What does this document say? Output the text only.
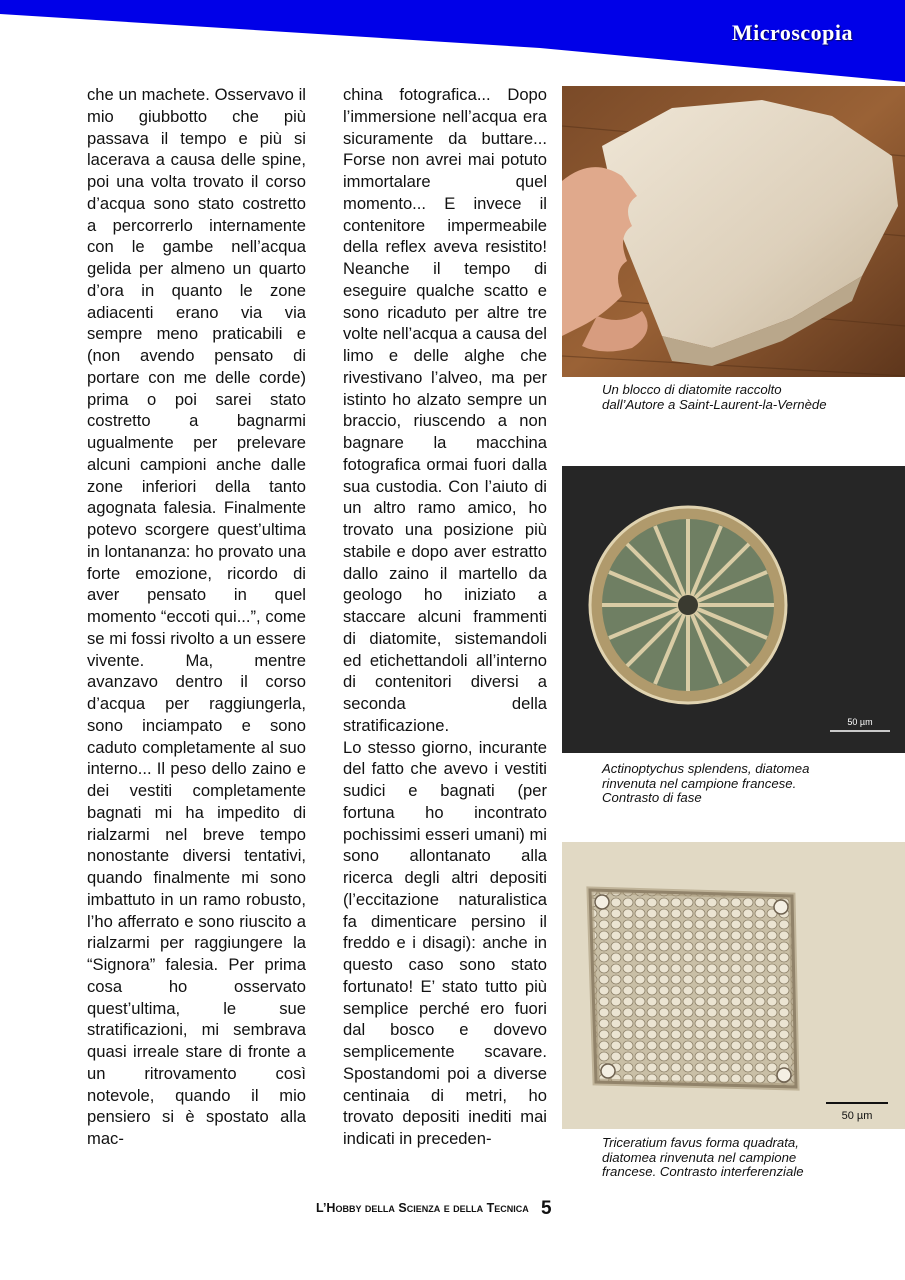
Microscopia

che un machete. Osservavo il mio giubbotto che più passava il tempo e più si lacerava a causa delle spine, poi una volta trovato il corso d’acqua sono stato costretto a percorrerlo internamente con le gambe nell’acqua gelida per almeno un quarto d’ora in quanto le zone adiacenti erano via via sempre meno praticabili e (non avendo pensato di portare con me delle corde) prima o poi sarei stato costretto a bagnarmi ugualmente per prelevare alcuni campioni anche dalle zone inferiori della tanto agognata falesia. Finalmente potevo scorgere quest’ultima in lontananza: ho provato una forte emozione, ricordo di aver pensato in quel momento “eccoti qui...”, come se mi fossi rivolto a un essere vivente. Ma, mentre avanzavo dentro il corso d’acqua per raggiungerla, sono inciampato e sono caduto completamente al suo interno... Il peso dello zaino e dei vestiti completamente bagnati mi ha impedito di rialzarmi nel breve tempo nonostante diversi tentativi, quando finalmente mi sono imbattuto in un ramo robusto, l’ho afferrato e sono riuscito a rialzarmi per raggiungere la “Signora” falesia. Per prima cosa ho osservato quest’ultima, le sue stratificazioni, mi sembrava quasi irreale stare di fronte a un ritrovamento così notevole, quando il mio pensiero si è spostato alla mac-

china fotografica... Dopo l’immersione nell’acqua era sicuramente da buttare... Forse non avrei mai potuto immortalare quel momento... E invece il contenitore impermeabile della reflex aveva resistito! Neanche il tempo di eseguire qualche scatto e sono ricaduto per altre tre volte nell’acqua a causa del limo e delle alghe che rivestivano l’alveo, ma per istinto ho alzato sempre un braccio, riuscendo a non bagnare la macchina fotografica ormai fuori dalla sua custodia. Con l’aiuto di un altro ramo amico, ho trovato una posizione più stabile e dopo aver estratto dallo zaino il martello da geologo ho iniziato a staccare alcuni frammenti di diatomite, sistemandoli ed etichettandoli all’interno di contenitori diversi a seconda della stratificazione.

Lo stesso giorno, incurante del fatto che avevo i vestiti sudici e bagnati (per fortuna ho incontrato pochissimi esseri umani) mi sono allontanato alla ricerca degli altri depositi (l’eccitazione naturalistica fa dimenticare persino il freddo e i disagi): anche in questo caso sono stato fortunato! E’ stato tutto più semplice perché ero fuori dal bosco e dovevo semplicemente scavare. Spostandomi poi a diverse centinaia di metri, ho trovato depositi inediti mai indicati in preceden-

Un blocco di diatomite raccolto dall’Autore a Saint-Laurent-la-Vernède
50 µm
Actinoptychus splendens, diatomea rinvenuta nel campione francese. Contrasto di fase
50 µm
Triceratium favus forma quadrata, diatomea rinvenuta nel campione francese. Contrasto interferenziale
L’Hobby della Scienza e della Tecnica 5
